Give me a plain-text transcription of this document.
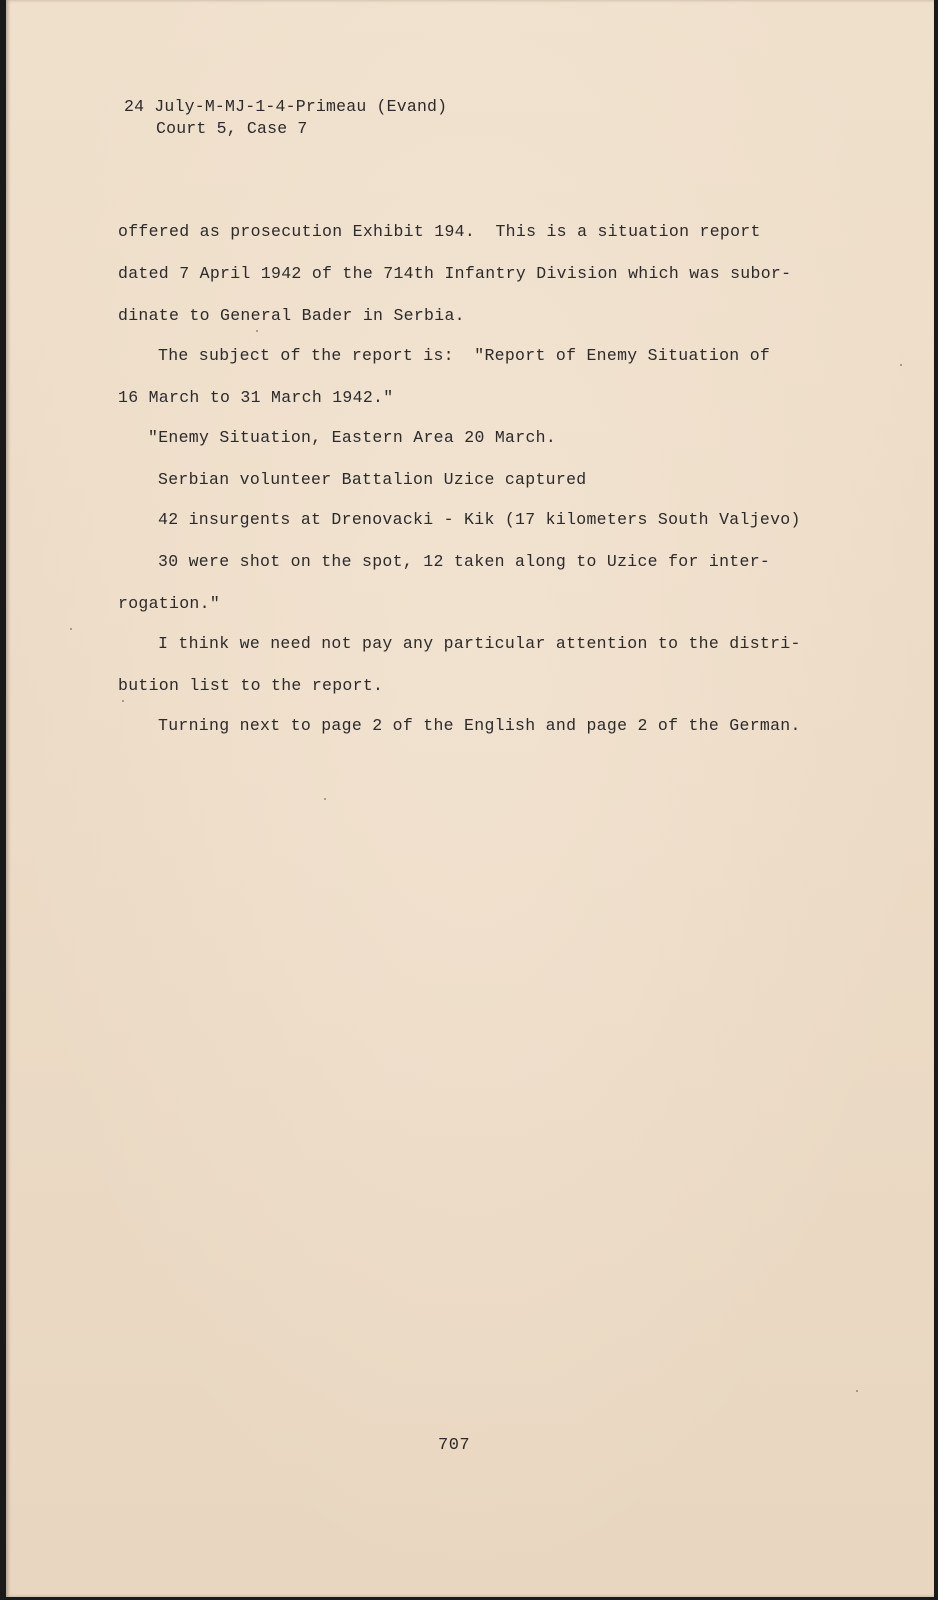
24 July-M-MJ-1-4-Primeau (Evand)
Court 5, Case 7
offered as prosecution Exhibit 194.  This is a situation report
dated 7 April 1942 of the 714th Infantry Division which was subor-
dinate to General Bader in Serbia.
The subject of the report is:  "Report of Enemy Situation of
16 March to 31 March 1942."
"Enemy Situation, Eastern Area 20 March.
Serbian volunteer Battalion Uzice captured
42 insurgents at Drenovacki - Kik (17 kilometers South Valjevo)
30 were shot on the spot, 12 taken along to Uzice for inter-
rogation."
I think we need not pay any particular attention to the distri-
bution list to the report.
Turning next to page 2 of the English and page 2 of the German.
707
